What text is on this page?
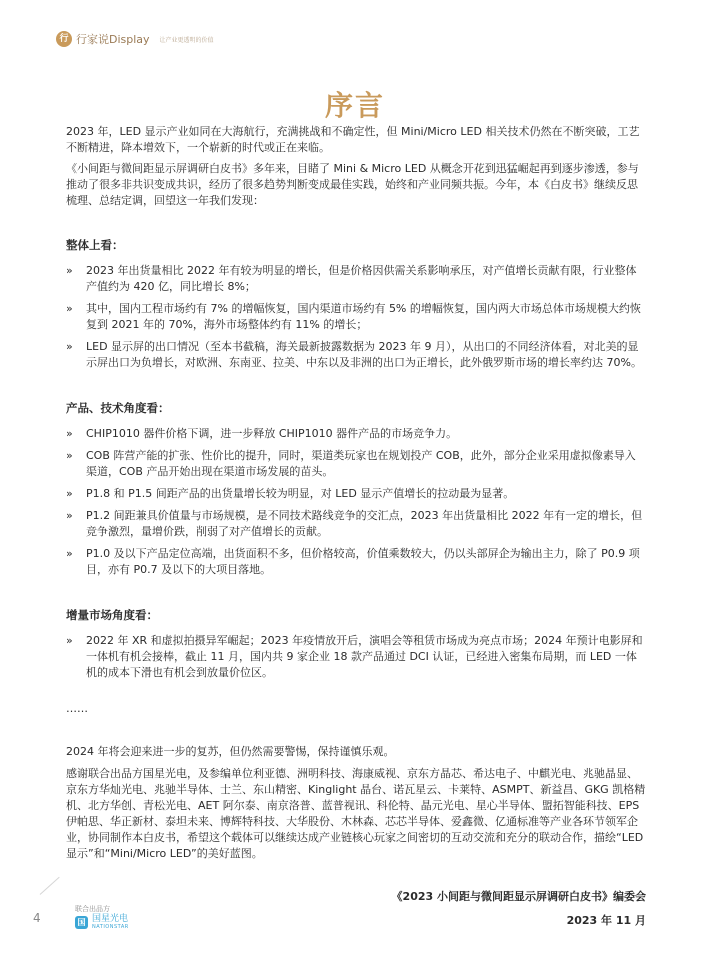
行 行家说Display 让产业更透明的价值
序言

2023 年，LED 显示产业如同在大海航行，充满挑战和不确定性，但 Mini/Micro LED 相关技术仍然在不断突破，工艺不断精进，降本增效下，一个崭新的时代或正在来临。

《小间距与微间距显示屏调研白皮书》多年来，目睹了 Mini & Micro LED 从概念开花到迅猛崛起再到逐步渗透，参与推动了很多非共识变成共识，经历了很多趋势判断变成最佳实践，始终和产业同频共振。今年，本《白皮书》继续反思梳理、总结定调，回望这一年我们发现：

整体上看：
» 2023 年出货量相比 2022 年有较为明显的增长，但是价格因供需关系影响承压，对产值增长贡献有限，行业整体产值约为 420 亿，同比增长 8%；
» 其中，国内工程市场约有 7% 的增幅恢复，国内渠道市场约有 5% 的增幅恢复，国内两大市场总体市场规模大约恢复到 2021 年的 70%，海外市场整体约有 11% 的增长；
» LED 显示屏的出口情况（至本书截稿，海关最新披露数据为 2023 年 9 月），从出口的不同经济体看，对北美的显示屏出口为负增长，对欧洲、东南亚、拉美、中东以及非洲的出口为正增长，此外俄罗斯市场的增长率约达 70%。
产品、技术角度看：
» CHIP1010 器件价格下调，进一步释放 CHIP1010 器件产品的市场竞争力。
» COB 阵营产能的扩张、性价比的提升，同时，渠道类玩家也在规划投产 COB，此外，部分企业采用虚拟像素导入渠道，COB 产品开始出现在渠道市场发展的苗头。
» P1.8 和 P1.5 间距产品的出货量增长较为明显，对 LED 显示产值增长的拉动最为显著。
» P1.2 间距兼具价值量与市场规模，是不同技术路线竞争的交汇点，2023 年出货量相比 2022 年有一定的增长，但竞争激烈，量增价跌，削弱了对产值增长的贡献。
» P1.0 及以下产品定位高端，出货面积不多，但价格较高，价值乘数较大，仍以头部屏企为输出主力，除了 P0.9 项目，亦有 P0.7 及以下的大项目落地。
增量市场角度看：
» 2022 年 XR 和虚拟拍摄异军崛起；2023 年疫情放开后，演唱会等租赁市场成为亮点市场；2024 年预计电影屏和一体机有机会接棒，截止 11 月，国内共 9 家企业 18 款产品通过 DCI 认证，已经进入密集布局期，而 LED 一体机的成本下滑也有机会到放量价位区。

……

2024 年将会迎来进一步的复苏，但仍然需要警惕，保持谨慎乐观。

感谢联合出品方国星光电，及参编单位利亚德、洲明科技、海康威视、京东方晶芯、希达电子、中麒光电、兆驰晶显、京东方华灿光电、兆驰半导体、士兰、东山精密、Kinglight 晶台、诺瓦星云、卡莱特、ASMPT、新益昌、GKG 凯格精机、北方华创、青松光电、AET 阿尔泰、南京洛普、蓝普视讯、科伦特、晶元光电、星心半导体、盟拓智能科技、EPS 伊帕思、华正新材、泰坦未来、博辉特科技、大华股份、木林森、芯芯半导体、爱鑫微、亿通标准等产业各环节领军企业，协同制作本白皮书，希望这个载体可以继续达成产业链核心玩家之间密切的互动交流和充分的联动合作，描绘“LED 显示”和“Mini/Micro LED”的美好蓝图。

《2023 小间距与微间距显示屏调研白皮书》编委会

2023 年 11 月

4
联合出品方
国 国星光电
NATIONSTAR
